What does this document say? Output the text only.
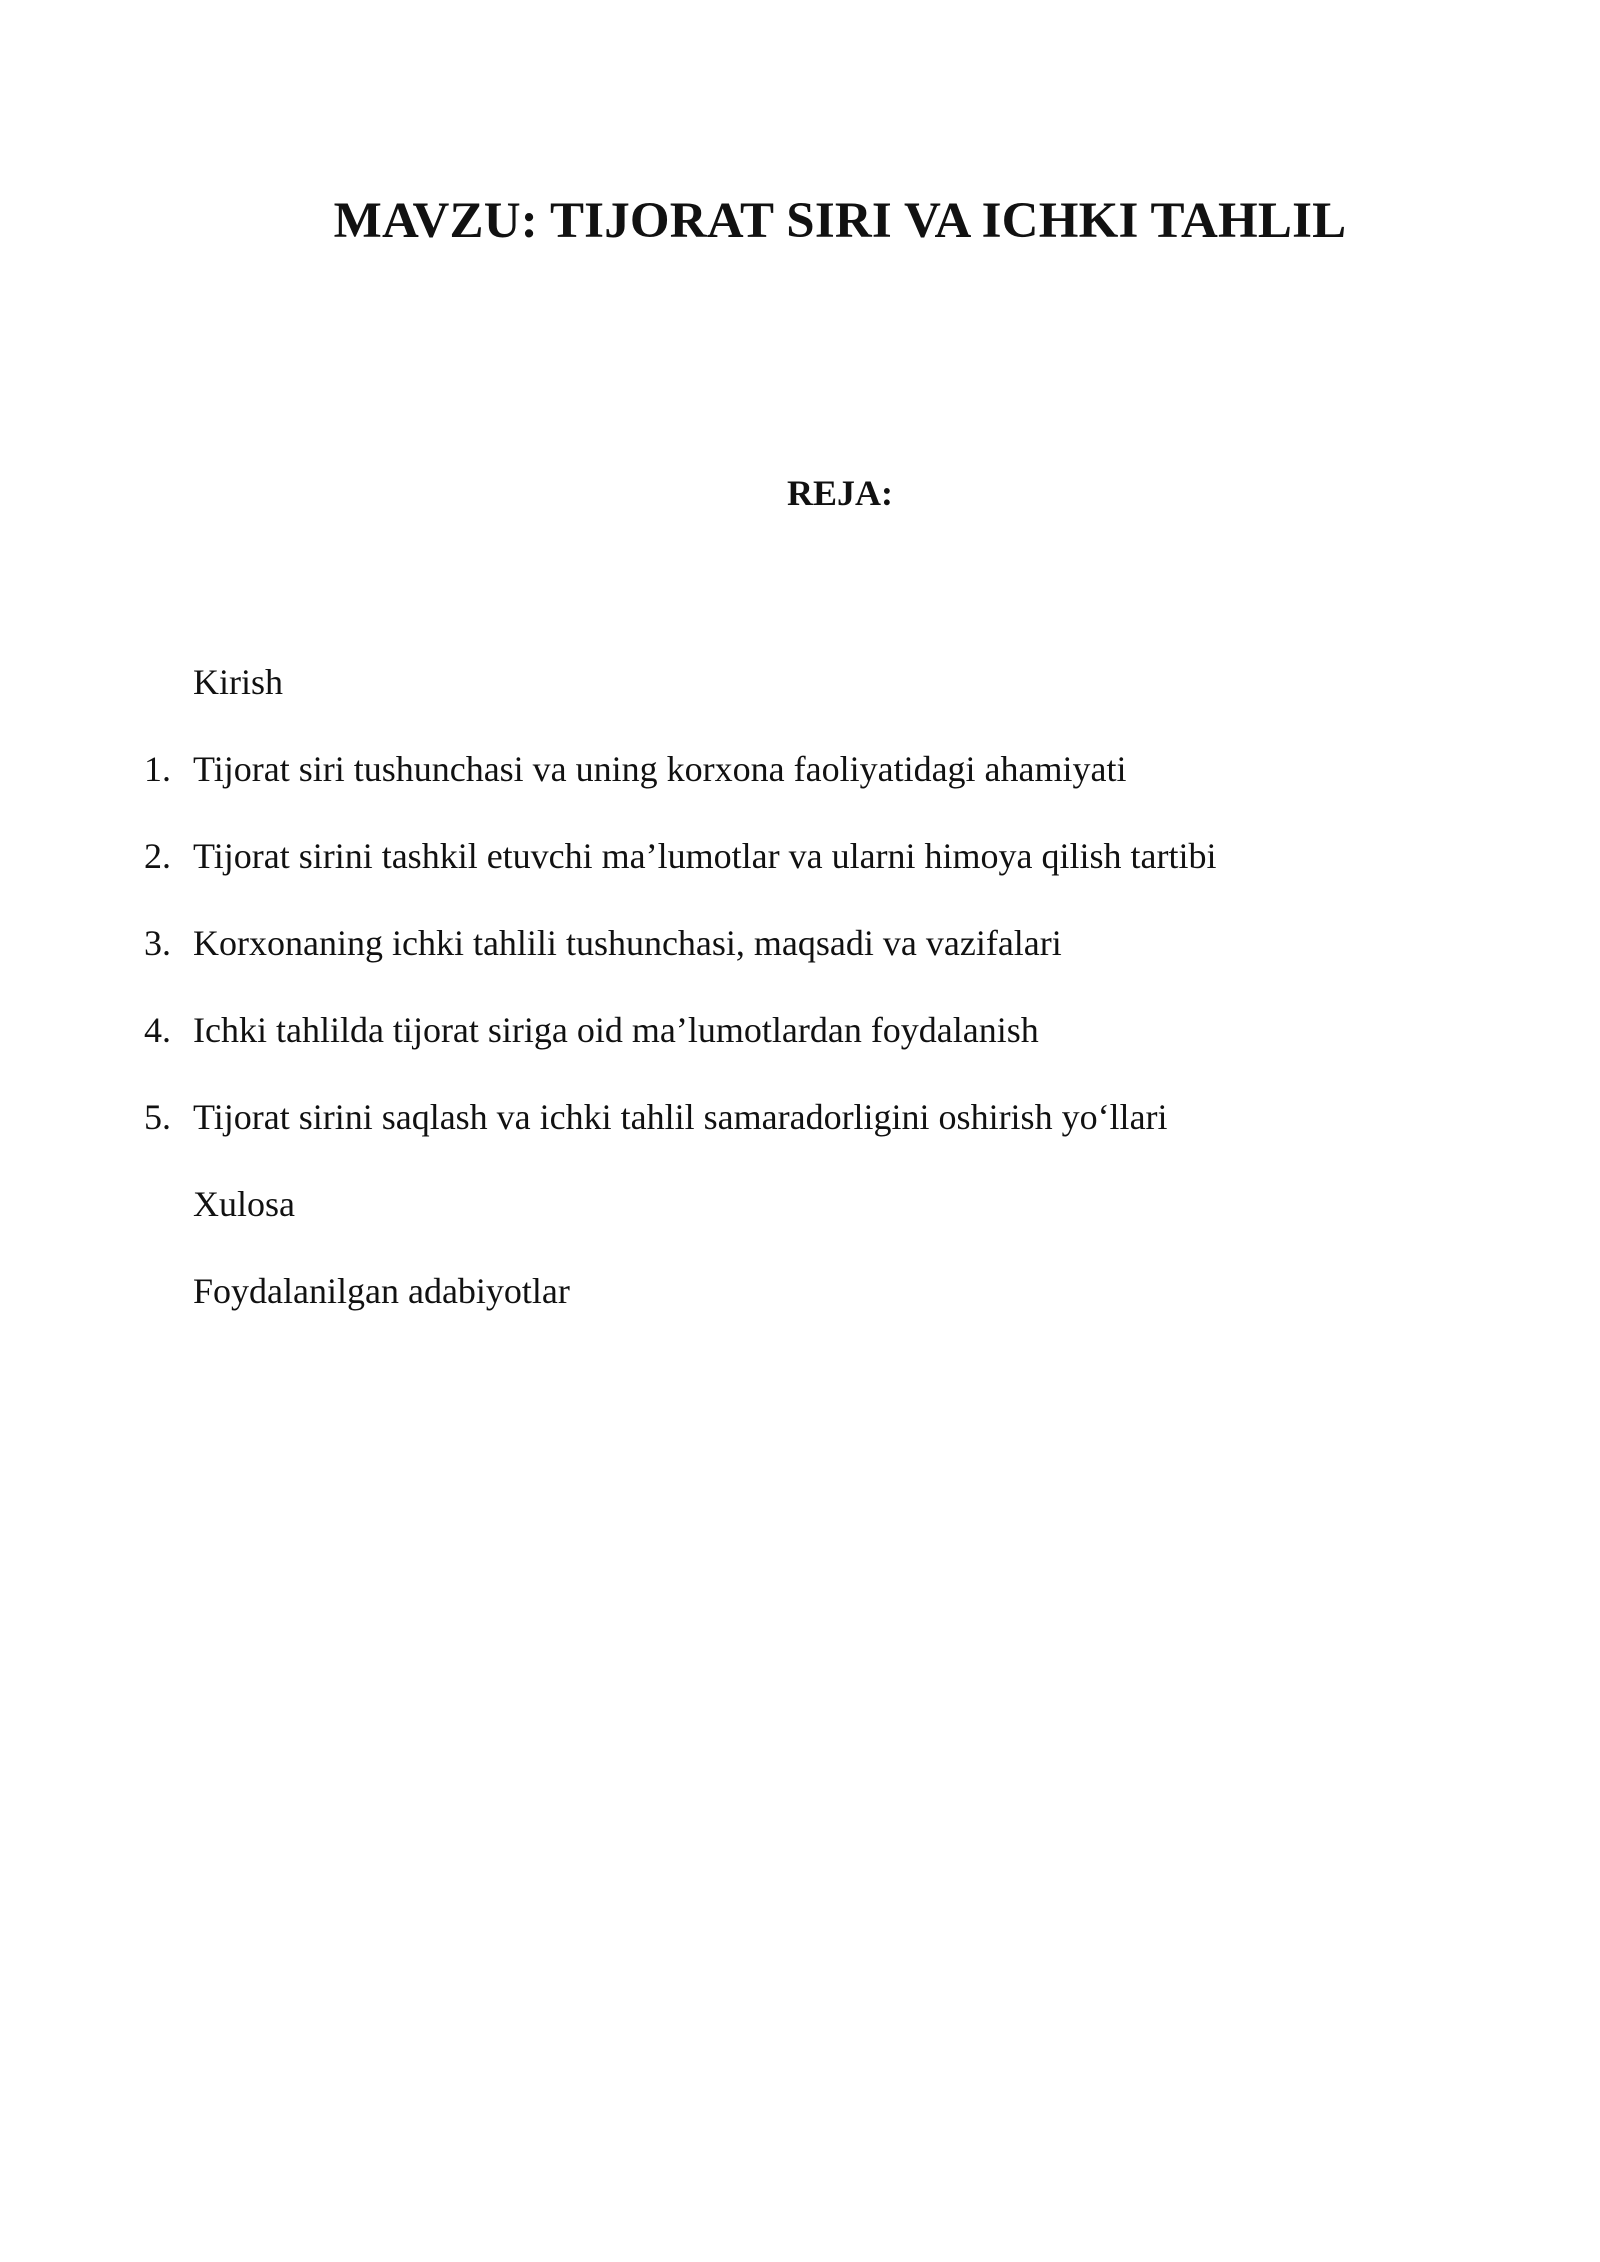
MAVZU: TIJORAT SIRI VA ICHKI TAHLIL
REJA:
Kirish
1. Tijorat siri tushunchasi va uning korxona faoliyatidagi ahamiyati
2. Tijorat sirini tashkil etuvchi ma’lumotlar va ularni himoya qilish tartibi
3. Korxonaning ichki tahlili tushunchasi, maqsadi va vazifalari
4. Ichki tahlilda tijorat siriga oid ma’lumotlardan foydalanish
5. Tijorat sirini saqlash va ichki tahlil samaradorligini oshirish yo‘llari
Xulosa
Foydalanilgan adabiyotlar
